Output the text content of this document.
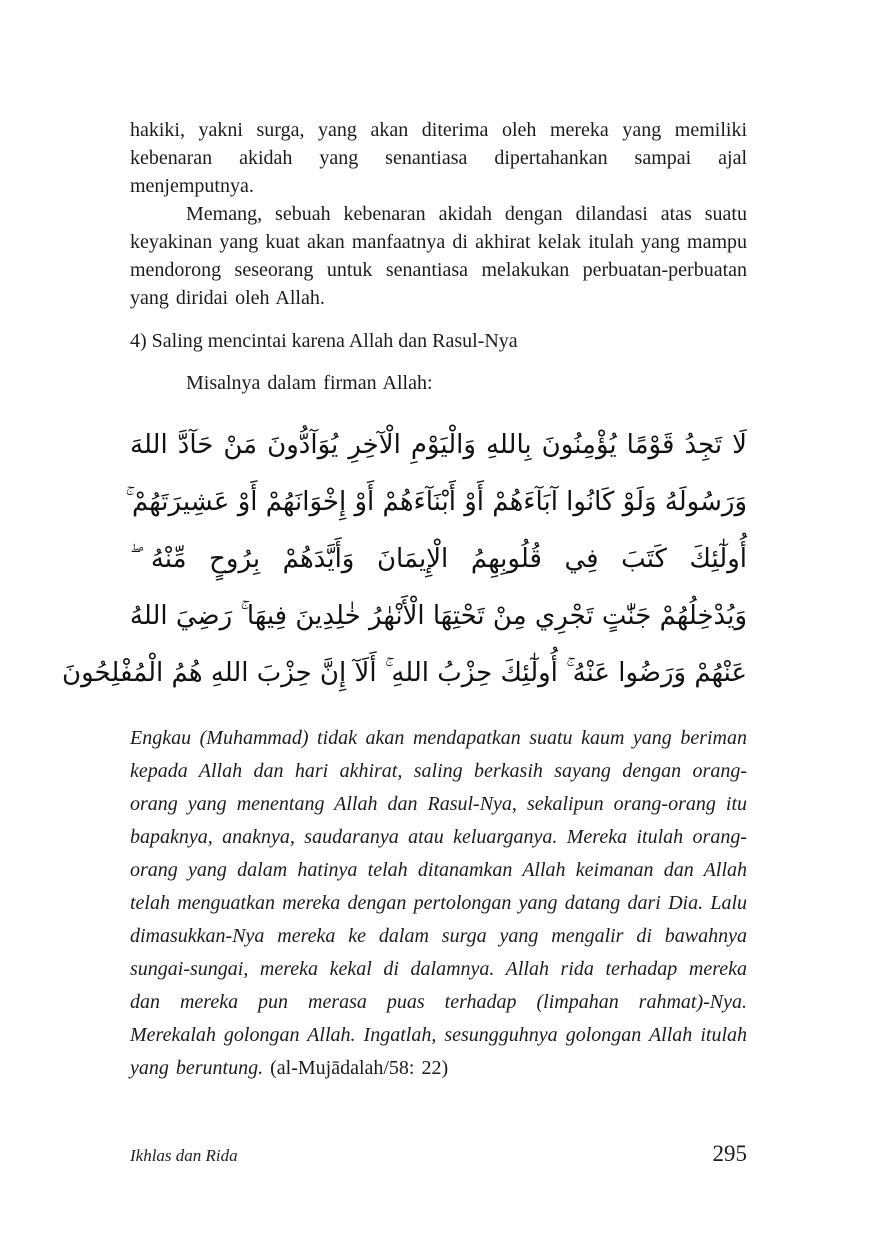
hakiki, yakni surga, yang akan diterima oleh mereka yang memiliki kebenaran akidah yang senantiasa dipertahankan sampai ajal menjemputnya.

Memang, sebuah kebenaran akidah dengan dilandasi atas suatu keyakinan yang kuat akan manfaatnya di akhirat kelak itulah yang mampu mendorong seseorang untuk senantiasa melakukan perbuatan-perbuatan yang diridai oleh Allah.

4) Saling mencintai karena Allah dan Rasul-Nya

Misalnya dalam firman Allah:

لَا تَجِدُ قَوْمًا يُؤْمِنُونَ بِاللهِ وَالْيَوْمِ الْآخِرِ يُوَآدُّونَ مَنْ حَآدَّ اللهَ
وَرَسُولَهُ وَلَوْ كَانُوا آبَآءَهُمْ أَوْ أَبْنَآءَهُمْ أَوْ إِخْوَانَهُمْ أَوْ عَشِيرَتَهُمْ ۚ
أُولٰٓئِكَ كَتَبَ فِي قُلُوبِهِمُ الْإِيمَانَ وَأَيَّدَهُمْ بِرُوحٍ مِّنْهُ ۖ
وَيُدْخِلُهُمْ جَنّٰتٍ تَجْرِي مِنْ تَحْتِهَا الْأَنْهٰرُ خٰلِدِينَ فِيهَا ۚ رَضِيَ اللهُ
عَنْهُمْ وَرَضُوا عَنْهُ ۚ أُولٰٓئِكَ حِزْبُ اللهِ ۚ أَلَآ إِنَّ حِزْبَ اللهِ هُمُ الْمُفْلِحُونَ

Engkau (Muhammad) tidak akan mendapatkan suatu kaum yang beriman kepada Allah dan hari akhirat, saling berkasih sayang dengan orang-orang yang menentang Allah dan Rasul-Nya, sekalipun orang-orang itu bapaknya, anaknya, saudaranya atau keluarganya. Mereka itulah orang-orang yang dalam hatinya telah ditanamkan Allah keimanan dan Allah telah menguatkan mereka dengan pertolongan yang datang dari Dia. Lalu dimasukkan-Nya mereka ke dalam surga yang mengalir di bawahnya sungai-sungai, mereka kekal di dalamnya. Allah rida terhadap mereka dan mereka pun merasa puas terhadap (limpahan rahmat)-Nya. Merekalah golongan Allah. Ingatlah, sesungguhnya golongan Allah itulah yang beruntung. (al-Mujādalah/58: 22)

Ikhlas dan Rida	295
